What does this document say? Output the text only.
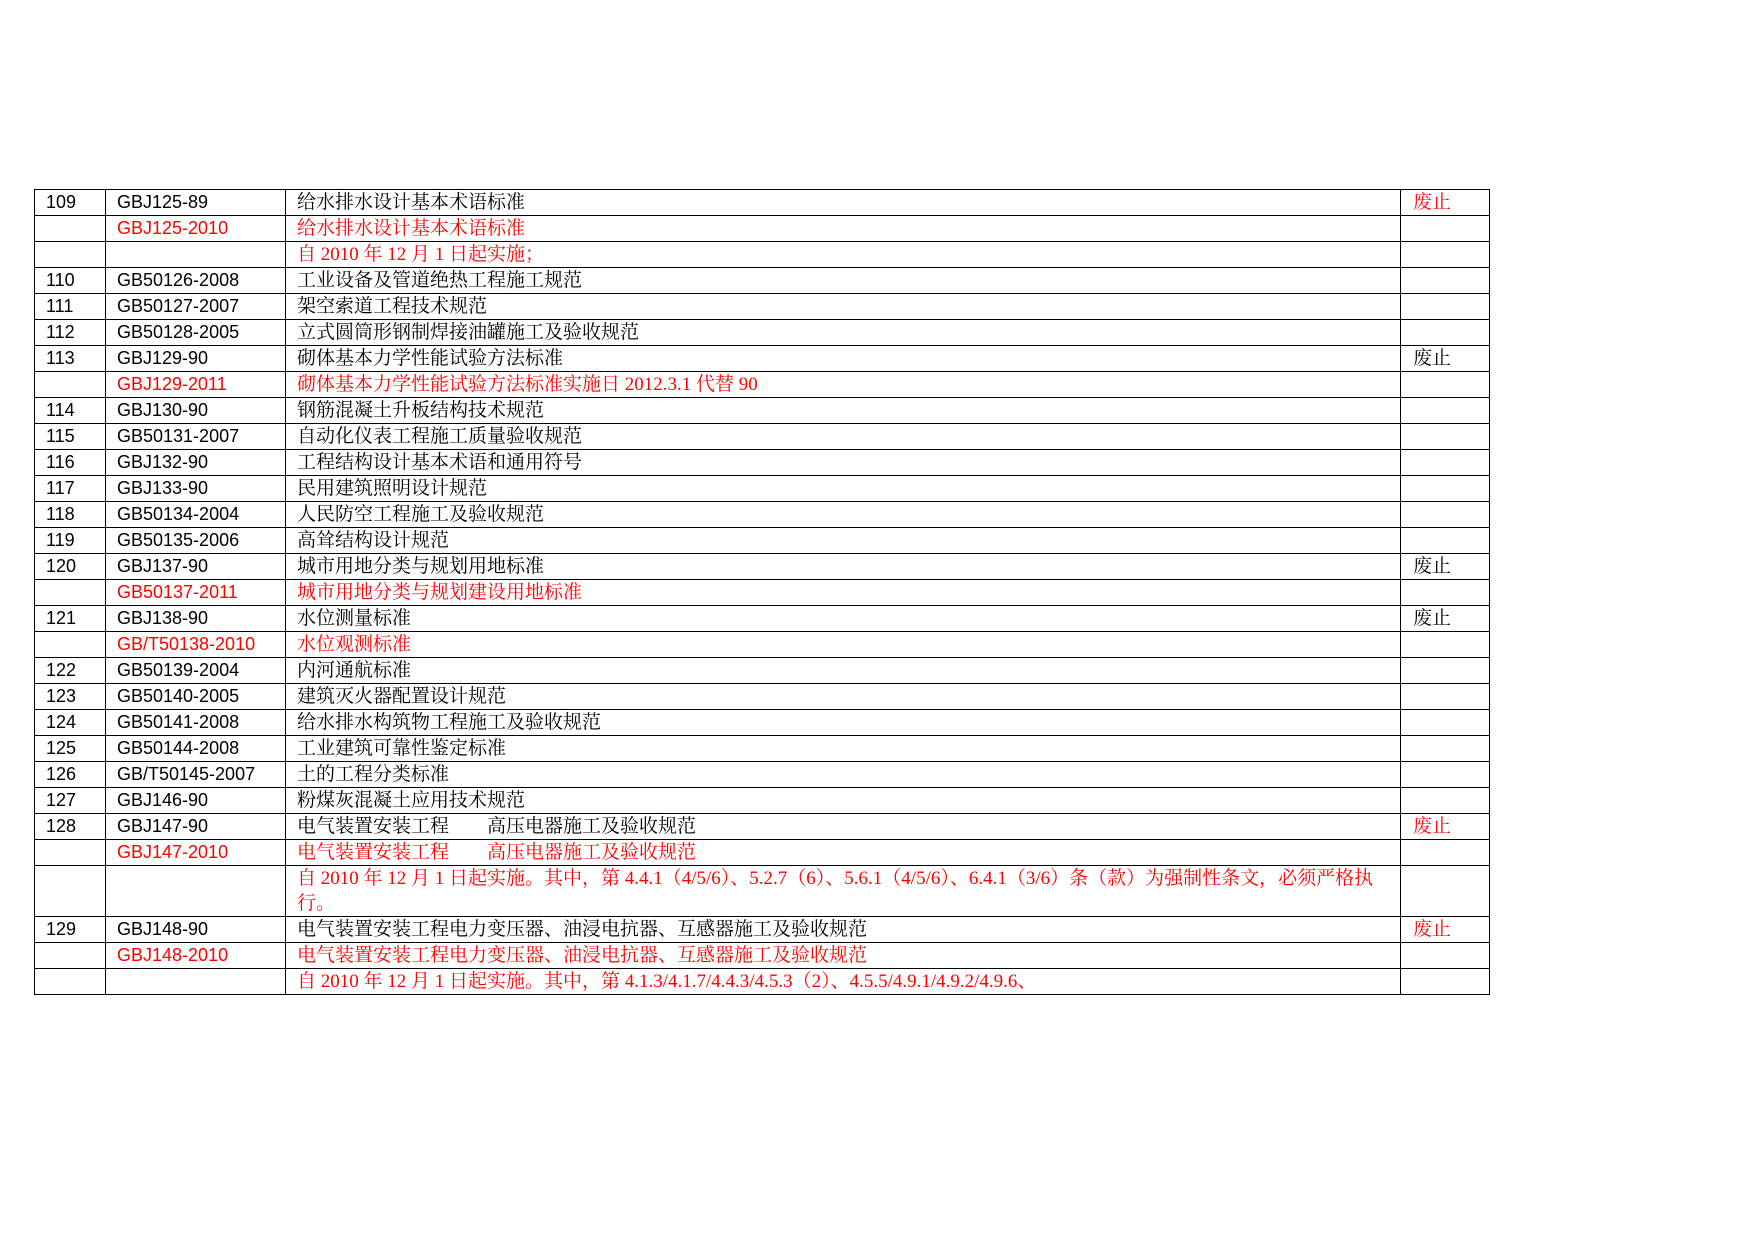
109	GBJ125-89	给水排水设计基本术语标准	废止
	GBJ125-2010	给水排水设计基本术语标准	
		自 2010 年 12 月 1 日起实施；	
110	GB50126-2008	工业设备及管道绝热工程施工规范	
111	GB50127-2007	架空索道工程技术规范	
112	GB50128-2005	立式圆筒形钢制焊接油罐施工及验收规范	
113	GBJ129-90	砌体基本力学性能试验方法标准	废止
	GBJ129-2011	砌体基本力学性能试验方法标准实施日 2012.3.1 代替 90	
114	GBJ130-90	钢筋混凝土升板结构技术规范	
115	GB50131-2007	自动化仪表工程施工质量验收规范	
116	GBJ132-90	工程结构设计基本术语和通用符号	
117	GBJ133-90	民用建筑照明设计规范	
118	GB50134-2004	人民防空工程施工及验收规范	
119	GB50135-2006	高耸结构设计规范	
120	GBJ137-90	城市用地分类与规划用地标准	废止
	GB50137-2011	城市用地分类与规划建设用地标准	
121	GBJ138-90	水位测量标准	废止
	GB/T50138-2010	水位观测标准	
122	GB50139-2004	内河通航标准	
123	GB50140-2005	建筑灭火器配置设计规范	
124	GB50141-2008	给水排水构筑物工程施工及验收规范	
125	GB50144-2008	工业建筑可靠性鉴定标准	
126	GB/T50145-2007	土的工程分类标准	
127	GBJ146-90	粉煤灰混凝土应用技术规范	
128	GBJ147-90	电气装置安装工程　　高压电器施工及验收规范	废止
	GBJ147-2010	电气装置安装工程　　高压电器施工及验收规范	
		自 2010 年 12 月 1 日起实施。其中，第 4.4.1（4/5/6）、5.2.7（6）、5.6.1（4/5/6）、6.4.1（3/6）条（款）为强制性条文，必须严格执行。	
129	GBJ148-90	电气装置安装工程电力变压器、油浸电抗器、互感器施工及验收规范	废止
	GBJ148-2010	电气装置安装工程电力变压器、油浸电抗器、互感器施工及验收规范	
		自 2010 年 12 月 1 日起实施。其中，第 4.1.3/4.1.7/4.4.3/4.5.3（2）、4.5.5/4.9.1/4.9.2/4.9.6、	
